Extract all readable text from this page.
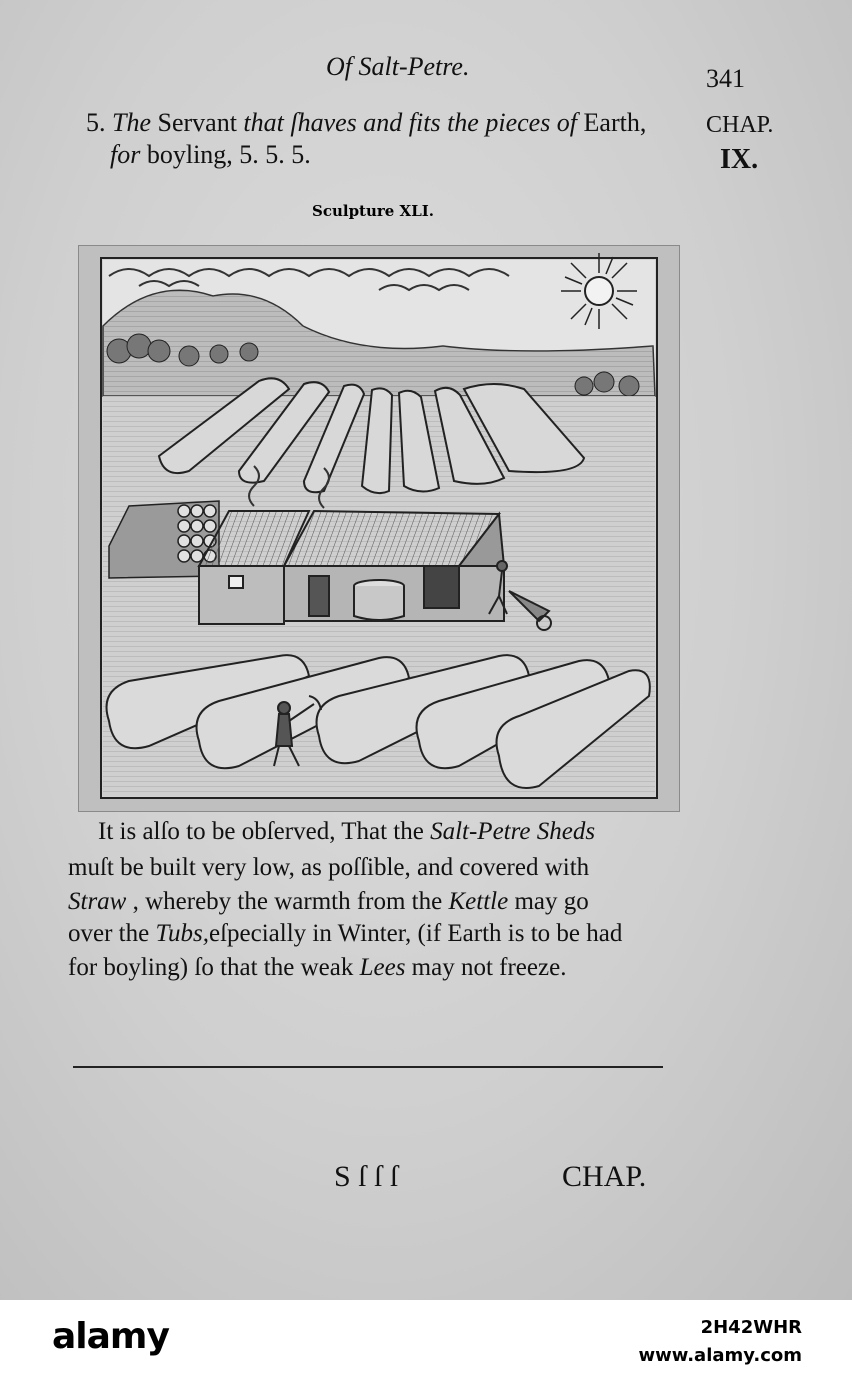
Of Salt-Petre.	341
5. The Servant that ſhaves and fits the pieces of Earth,
for boyling, 5. 5. 5.
CHAP.
IX.
Sculpture XLI.
It is alſo to be obſerved, That the Salt-Petre Sheds
muſt be built very low, as poſſible, and covered with
Straw , whereby the warmth from the Kettle may go
over the Tubs,eſpecially in Winter, (if Earth is to be had
for boyling) ſo that the weak Lees may not freeze.
S ſ ſ ſ	CHAP.
alamy	2H42WHR
www.alamy.com
